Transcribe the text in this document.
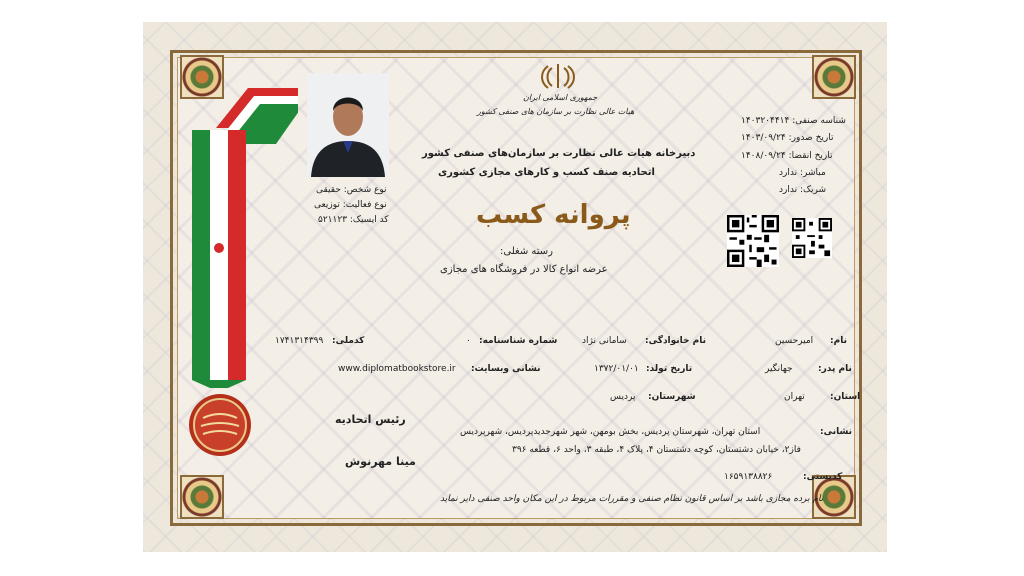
جمهوری اسلامی ایران
هیات عالی نظارت بر سازمان های صنفی کشور
دبیرخانه هیات عالی نظارت بر سازمان‌های صنفی کشور
اتحادیه صنف کسب و کارهای مجازی کشوری
پروانه کسب
رسته شغلی:
عرضه انواع کالا در فروشگاه های مجازی
شناسه صنفی: ۱۴۰۳۲۰۴۴۱۴
تاریخ صدور: ۱۴۰۳/۰۹/۲۴
تاریخ انقضا: ۱۴۰۸/۰۹/۲۴
مباشر: ندارد
شریک: ندارد
نوع شخص: حقیقی
نوع فعالیت: توزیعی
کد ایسیک: ۵۲۱۱۲۳
نام:
امیرحسین
نام خانوادگی:
سامانی نژاد
شماره شناسنامه:
۰
کدملی:
۱۷۴۱۳۱۴۳۹۹
نام پدر:
جهانگیر
تاریخ تولد:
۱۳۷۲/۰۱/۰۱
نشانی وبسایت:
www.diplomatbookstore.ir
استان:
تهران
شهرستان:
پردیس
نشانی:
استان تهران، شهرستان پردیس، بخش بومهن، شهر شهرجدیدپردیس، شهرپردیس
فاز۲، خیابان دشتستان، کوچه دشتستان ۴، پلاک ۴، طبقه ۳، واحد ۶، قطعه ۳۹۶
کدپستی:
۱۶۵۹۱۳۸۸۲۶
رئیس اتحادیه
مینا مهرنوش
نام برده مجازی باشد بر اساس قانون نظام صنفی و مقررات مربوط در این مکان واحد صنفی دایر نماید
